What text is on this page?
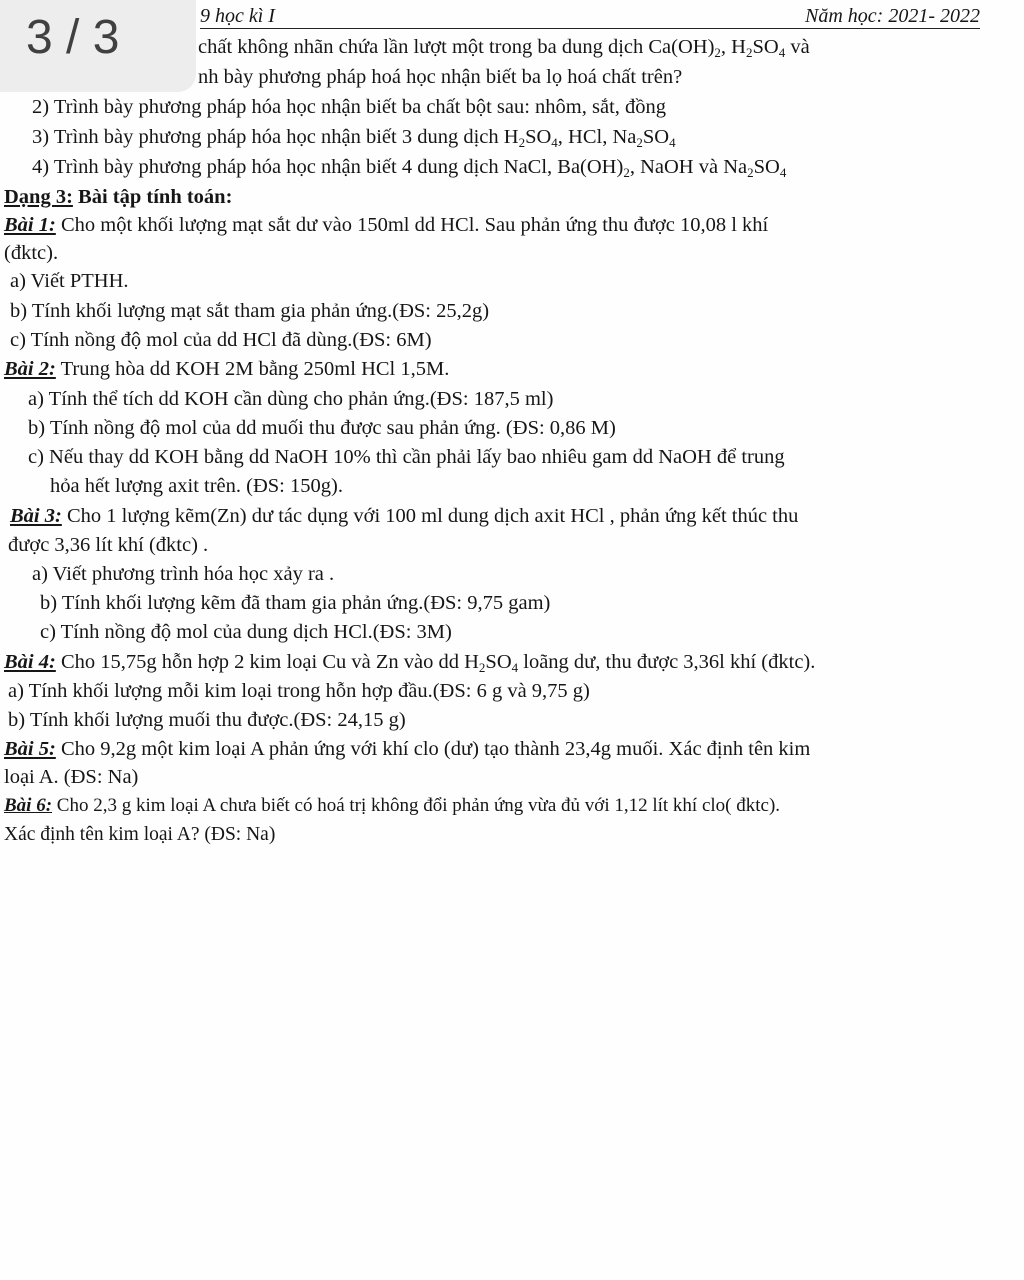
3 / 3	9 học kì I	Năm học: 2021- 2022
chất không nhãn chứa lần lượt một trong ba dung dịch $Ca(OH)_2$, $H_2SO_4$ và
nh bày phương pháp hoá học nhận biết ba lọ hoá chất trên?
2) Trình bày phương pháp hóa học nhận biết ba chất bột sau: nhôm, sắt, đồng
3) Trình bày phương pháp hóa học nhận biết 3 dung dịch $H_2SO_4$, HCl, $Na_2SO_4$
4) Trình bày phương pháp hóa học nhận biết 4 dung dịch NaCl, $Ba(OH)_2$, NaOH và $Na_2SO_4$
Dạng 3: Bài tập tính toán:
Bài 1: Cho một khối lượng mạt sắt dư vào 150ml dd HCl. Sau phản ứng thu được 10,08 l khí
(đktc).
a) Viết PTHH.
b) Tính khối lượng mạt sắt tham gia phản ứng.(ĐS: 25,2g)
c) Tính nồng độ mol của dd HCl đã dùng.(ĐS: 6M)
Bài 2: Trung hòa dd KOH 2M bằng 250ml HCl 1,5M.
a) Tính thể tích dd KOH cần dùng cho phản ứng.(ĐS: 187,5 ml)
b) Tính nồng độ mol của dd muối thu được sau phản ứng. (ĐS: 0,86 M)
c) Nếu thay dd KOH bằng dd NaOH 10% thì cần phải lấy bao nhiêu gam dd NaOH để trung
hỏa hết lượng axit trên. (ĐS: 150g).
Bài 3: Cho 1 lượng kẽm(Zn) dư tác dụng với 100 ml dung dịch axit HCl , phản ứng kết thúc thu
được 3,36 lít khí (đktc) .
a) Viết phương trình hóa học xảy ra .
b) Tính khối lượng kẽm đã tham gia phản ứng.(ĐS: 9,75 gam)
c) Tính nồng độ mol của dung dịch HCl.(ĐS: 3M)
Bài 4: Cho 15,75g hỗn hợp 2 kim loại Cu và Zn vào dd $H_2SO_4$ loãng dư, thu được 3,36l khí (đktc).
a) Tính khối lượng mỗi kim loại trong hỗn hợp đầu.(ĐS: 6 g và 9,75 g)
b) Tính khối lượng muối thu được.(ĐS: 24,15 g)
Bài 5: Cho 9,2g một kim loại A phản ứng với khí clo (dư) tạo thành 23,4g muối. Xác định tên kim
loại A. (ĐS: Na)
Bài 6: Cho 2,3 g kim loại A chưa biết có hoá trị không đổi phản ứng vừa đủ với 1,12 lít khí clo( đktc).
Xác định tên kim loại A? (ĐS: Na)
